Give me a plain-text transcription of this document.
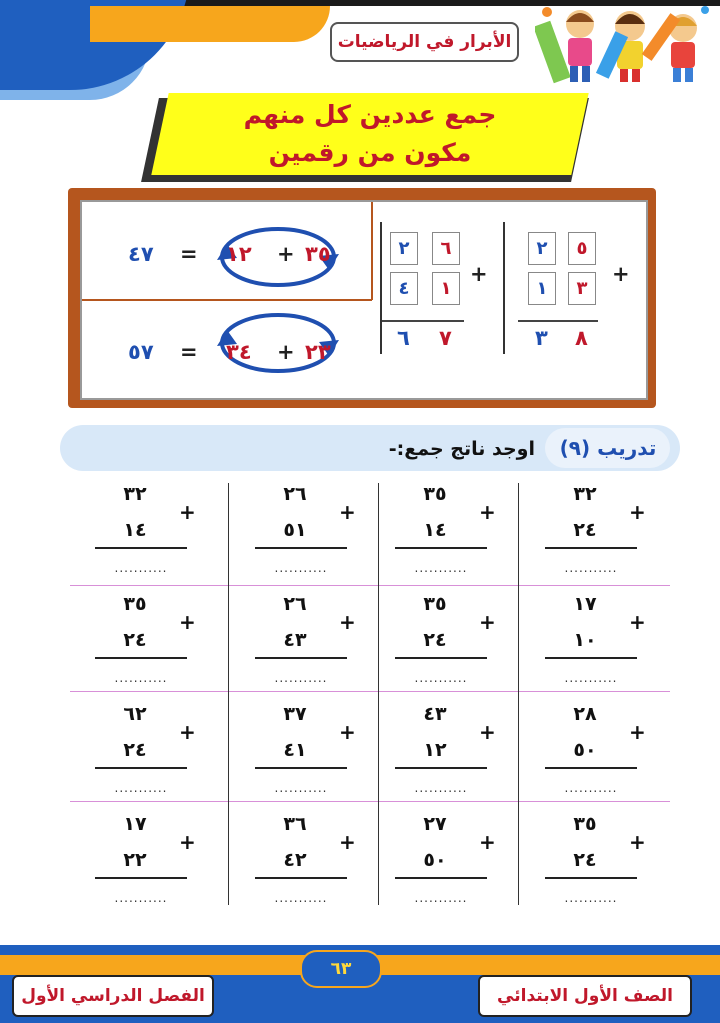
الأبرار في الرياضيات
جمع عددين كل منهم
مكون من رقمين
٣٥
+
١٢
=
٤٧
٢٣
+
٣٤
=
٥٧
+
٢	٥
١	٣
٣ ٨
+
٢	٦
٤	١
٦ ٧
تدريب (٩)
اوجد ناتج جمع:-
٣٢
٢٤
+
...........
٣٥
١٤
+
...........
٢٦
٥١
+
...........
٣٢
١٤
+
...........
١٧
١٠
+
...........
٣٥
٢٤
+
...........
٢٦
٤٣
+
...........
٣٥
٢٤
+
...........
٢٨
٥٠
+
...........
٤٣
١٢
+
...........
٣٧
٤١
+
...........
٦٢
٢٤
+
...........
٣٥
٢٤
+
...........
٢٧
٥٠
+
...........
٣٦
٤٢
+
...........
١٧
٢٢
+
...........
٦٣
الصف الأول الابتدائي
الفصل الدراسي الأول
